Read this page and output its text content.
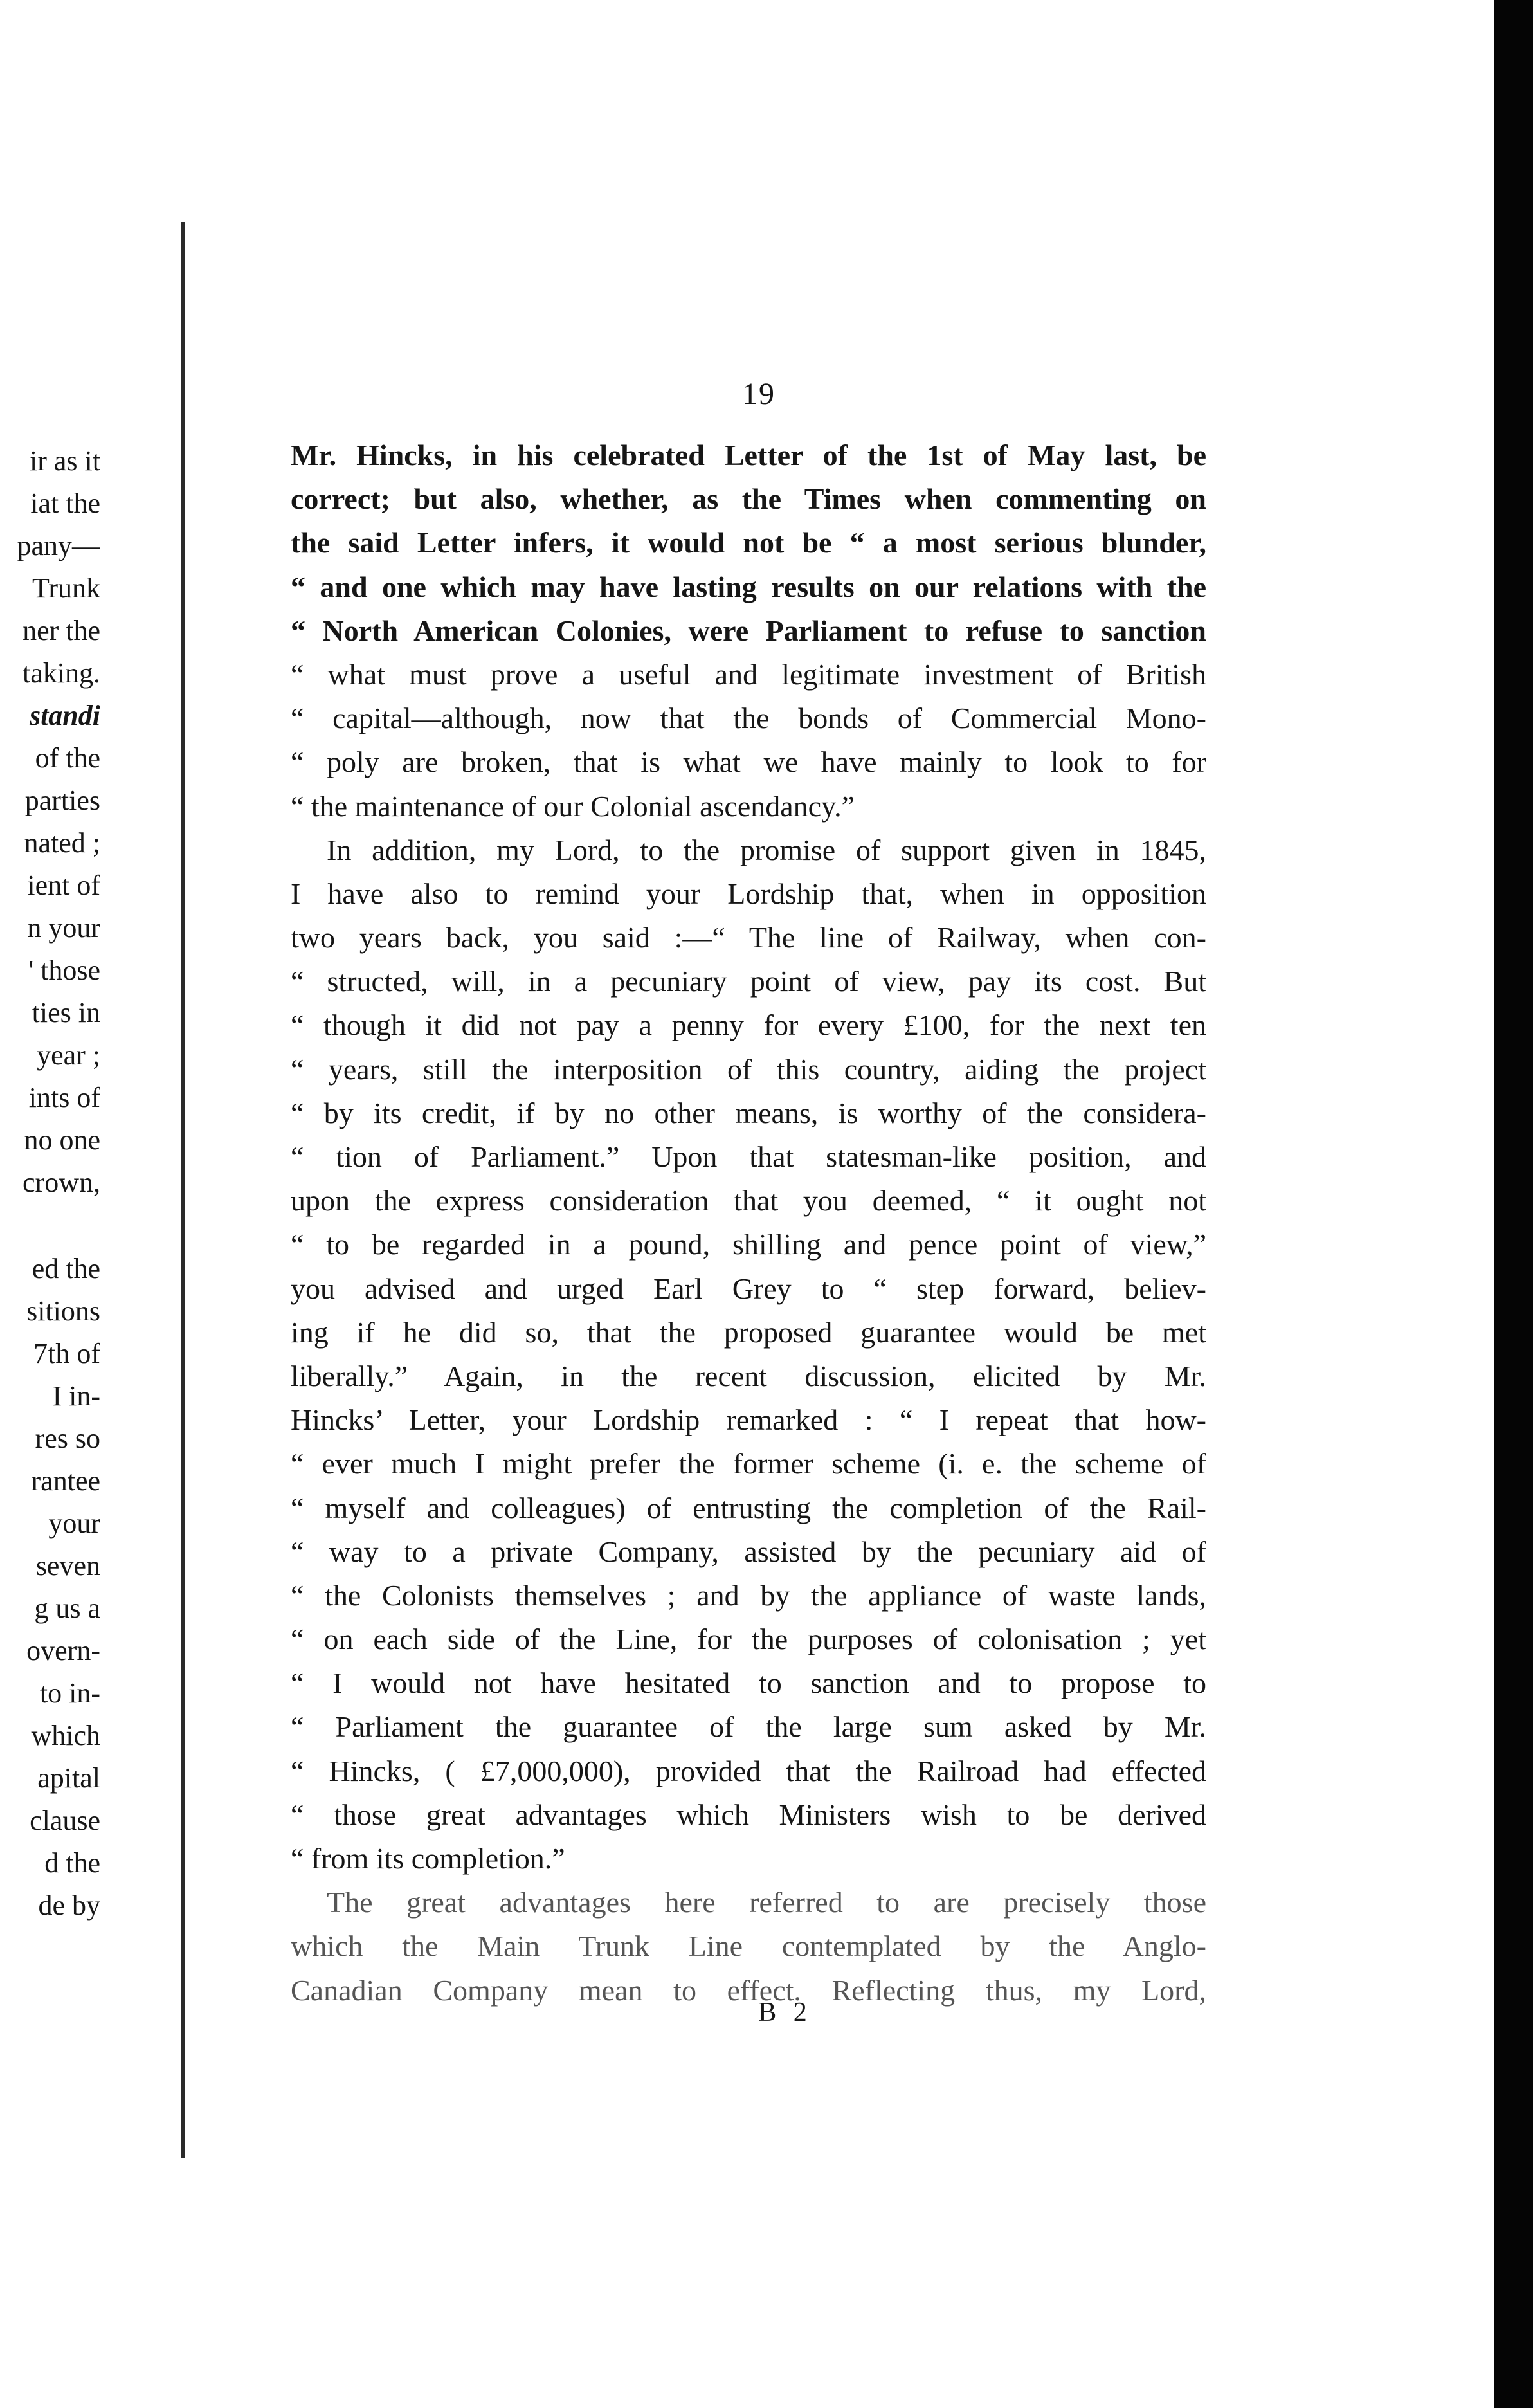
ir as it
iat the
pany—
Trunk
ner the
taking.
standi
of the
parties
nated ;
ient of
n your
' those
ties in
year ;
ints of
no one
crown,
ed the
sitions
7th of
I in-
res so
rantee
your
seven
g us a
overn-
to in-
which
apital
clause
d the
de by
19
Mr. Hincks, in his celebrated Letter of the 1st of May last, be
correct; but also, whether, as the Times when commenting on
the said Letter infers, it would not be “ a most serious blunder,
“ and one which may have lasting results on our relations with the
“ North American Colonies, were Parliament to refuse to sanction
“ what must prove a useful and legitimate investment of British
“ capital—although, now that the bonds of Commercial Mono-
“ poly are broken, that is what we have mainly to look to for
“ the maintenance of our Colonial ascendancy.”
In addition, my Lord, to the promise of support given in 1845,
I have also to remind your Lordship that, when in opposition
two years back, you said :—“ The line of Railway, when con-
“ structed, will, in a pecuniary point of view, pay its cost. But
“ though it did not pay a penny for every £100, for the next ten
“ years, still the interposition of this country, aiding the project
“ by its credit, if by no other means, is worthy of the considera-
“ tion of Parliament.” Upon that statesman-like position, and
upon the express consideration that you deemed, “ it ought not
“ to be regarded in a pound, shilling and pence point of view,”
you advised and urged Earl Grey to “ step forward, believ-
ing if he did so, that the proposed guarantee would be met
liberally.” Again, in the recent discussion, elicited by Mr.
Hincks’ Letter, your Lordship remarked : “ I repeat that how-
“ ever much I might prefer the former scheme (i. e. the scheme of
“ myself and colleagues) of entrusting the completion of the Rail-
“ way to a private Company, assisted by the pecuniary aid of
“ the Colonists themselves ; and by the appliance of waste lands,
“ on each side of the Line, for the purposes of colonisation ; yet
“ I would not have hesitated to sanction and to propose to
“ Parliament the guarantee of the large sum asked by Mr.
“ Hincks, ( £7,000,000), provided that the Railroad had effected
“ those great advantages which Ministers wish to be derived
“ from its completion.”
The great advantages here referred to are precisely those
which the Main Trunk Line contemplated by the Anglo-
Canadian Company mean to effect. Reflecting thus, my Lord,
B 2
